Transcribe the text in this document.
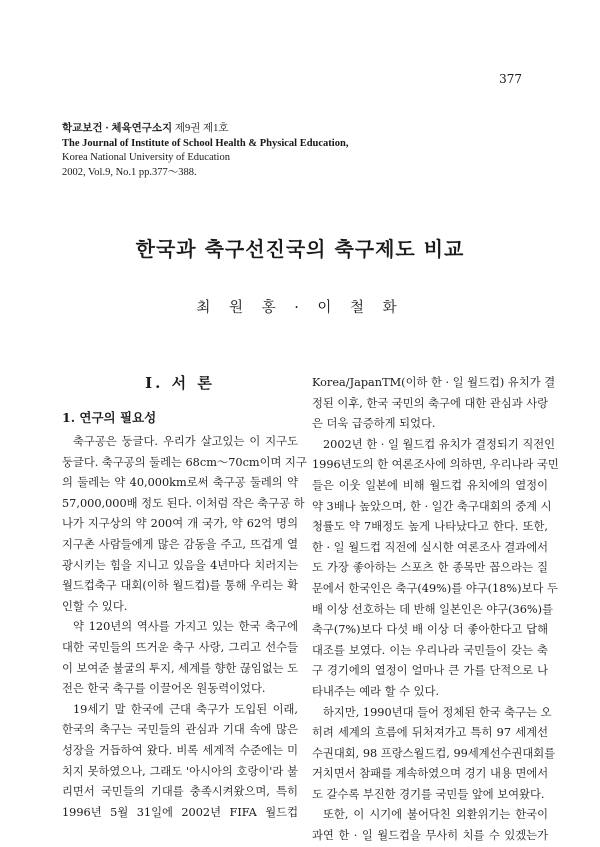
377
학교보건 · 체육연구소지 제9권 제1호
The Journal of Institute of School Health & Physical Education,
Korea National University of Education
2002, Vol.9, No.1 pp.377～388.
한국과 축구선진국의 축구제도 비교
최 원 홍 · 이 철 화
Ⅰ. 서 론
1. 연구의 필요성
축구공은 둥글다. 우리가 살고있는 이 지구도
둥글다. 축구공의 둘레는 68cm～70cm이며 지구
의 둘레는 약 40,000km로써 축구공 둘레의 약
57,000,000배 정도 된다. 이처럼 작은 축구공 하
나가 지구상의 약 200여 개 국가, 약 62억 명의
지구촌 사람들에게 많은 감동을 주고, 뜨겁게 열
광시키는 힘을 지니고 있음을 4년마다 치러지는
월드컵축구 대회(이하 월드컵)를 통해 우리는 확
인할 수 있다.
약 120년의 역사를 가지고 있는 한국 축구에
대한 국민들의 뜨거운 축구 사랑, 그리고 선수들
이 보여준 불굴의 투지, 세계를 향한 끊임없는 도
전은 한국 축구를 이끌어온 원동력이었다.
19세기 말 한국에 근대 축구가 도입된 이래,
한국의 축구는 국민들의 관심과 기대 속에 많은
성장을 거듭하여 왔다. 비록 세계적 수준에는 미
치지 못하였으나, 그래도 '아시아의 호랑이'라 불
리면서 국민들의 기대를 충족시켜왔으며, 특히
1996년 5월 31일에 2002년 FIFA 월드컵
Korea/JapanTM(이하 한 · 일 월드컵) 유치가 결
정된 이후, 한국 국민의 축구에 대한 관심과 사랑
은 더욱 급증하게 되었다.
2002년 한 · 일 월드컵 유치가 결정되기 직전인
1996년도의 한 여론조사에 의하면, 우리나라 국민
들은 이웃 일본에 비해 월드컵 유치에의 열정이
약 3배나 높았으며, 한 · 일간 축구대회의 중계 시
청률도 약 7배정도 높게 나타났다고 한다. 또한,
한 · 일 월드컵 직전에 실시한 여론조사 결과에서
도 가장 좋아하는 스포츠 한 종목만 꼽으라는 질
문에서 한국인은 축구(49%)를 야구(18%)보다 두
배 이상 선호하는 데 반해 일본인은 야구(36%)를
축구(7%)보다 다섯 배 이상 더 좋아한다고 답해
대조를 보였다. 이는 우리나라 국민들이 갖는 축
구 경기에의 열정이 얼마나 큰 가를 단적으로 나
타내주는 예라 할 수 있다.
하지만, 1990년대 들어 정체된 한국 축구는 오
히려 세계의 흐름에 뒤처져가고 특히 97 세계선
수권대회, 98 프랑스월드컵, 99세계선수권대회를
거치면서 참패를 계속하였으며 경기 내용 면에서
도 갈수록 부진한 경기를 국민들 앞에 보여왔다.
또한, 이 시기에 불어닥친 외환위기는 한국이
과연 한 · 일 월드컵을 무사히 치를 수 있겠는가
